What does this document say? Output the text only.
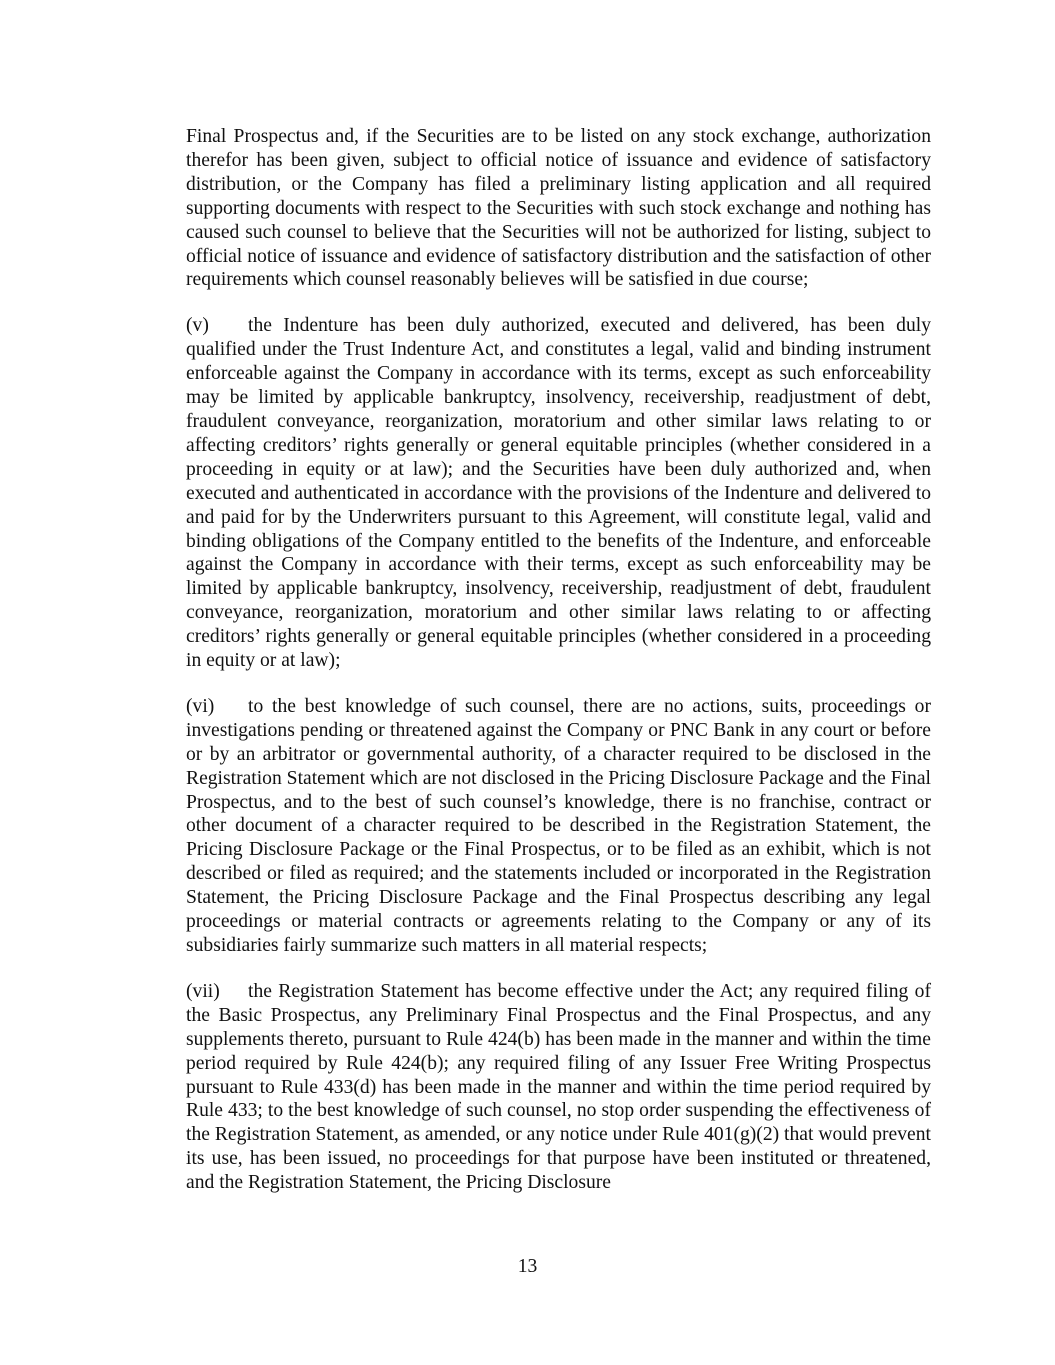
Final Prospectus and, if the Securities are to be listed on any stock exchange, authorization therefor has been given, subject to official notice of issuance and evidence of satisfactory distribution, or the Company has filed a preliminary listing application and all required supporting documents with respect to the Securities with such stock exchange and nothing has caused such counsel to believe that the Securities will not be authorized for listing, subject to official notice of issuance and evidence of satisfactory distribution and the satisfaction of other requirements which counsel reasonably believes will be satisfied in due course;

(v) the Indenture has been duly authorized, executed and delivered, has been duly qualified under the Trust Indenture Act, and constitutes a legal, valid and binding instrument enforceable against the Company in accordance with its terms, except as such enforceability may be limited by applicable bankruptcy, insolvency, receivership, readjustment of debt, fraudulent conveyance, reorganization, moratorium and other similar laws relating to or affecting creditors’ rights generally or general equitable principles (whether considered in a proceeding in equity or at law); and the Securities have been duly authorized and, when executed and authenticated in accordance with the provisions of the Indenture and delivered to and paid for by the Underwriters pursuant to this Agreement, will constitute legal, valid and binding obligations of the Company entitled to the benefits of the Indenture, and enforceable against the Company in accordance with their terms, except as such enforceability may be limited by applicable bankruptcy, insolvency, receivership, readjustment of debt, fraudulent conveyance, reorganization, moratorium and other similar laws relating to or affecting creditors’ rights generally or general equitable principles (whether considered in a proceeding in equity or at law);

(vi) to the best knowledge of such counsel, there are no actions, suits, proceedings or investigations pending or threatened against the Company or PNC Bank in any court or before or by an arbitrator or governmental authority, of a character required to be disclosed in the Registration Statement which are not disclosed in the Pricing Disclosure Package and the Final Prospectus, and to the best of such counsel’s knowledge, there is no franchise, contract or other document of a character required to be described in the Registration Statement, the Pricing Disclosure Package or the Final Prospectus, or to be filed as an exhibit, which is not described or filed as required; and the statements included or incorporated in the Registration Statement, the Pricing Disclosure Package and the Final Prospectus describing any legal proceedings or material contracts or agreements relating to the Company or any of its subsidiaries fairly summarize such matters in all material respects;

(vii) the Registration Statement has become effective under the Act; any required filing of the Basic Prospectus, any Preliminary Final Prospectus and the Final Prospectus, and any supplements thereto, pursuant to Rule 424(b) has been made in the manner and within the time period required by Rule 424(b); any required filing of any Issuer Free Writing Prospectus pursuant to Rule 433(d) has been made in the manner and within the time period required by Rule 433; to the best knowledge of such counsel, no stop order suspending the effectiveness of the Registration Statement, as amended, or any notice under Rule 401(g)(2) that would prevent its use, has been issued, no proceedings for that purpose have been instituted or threatened, and the Registration Statement, the Pricing Disclosure

13
